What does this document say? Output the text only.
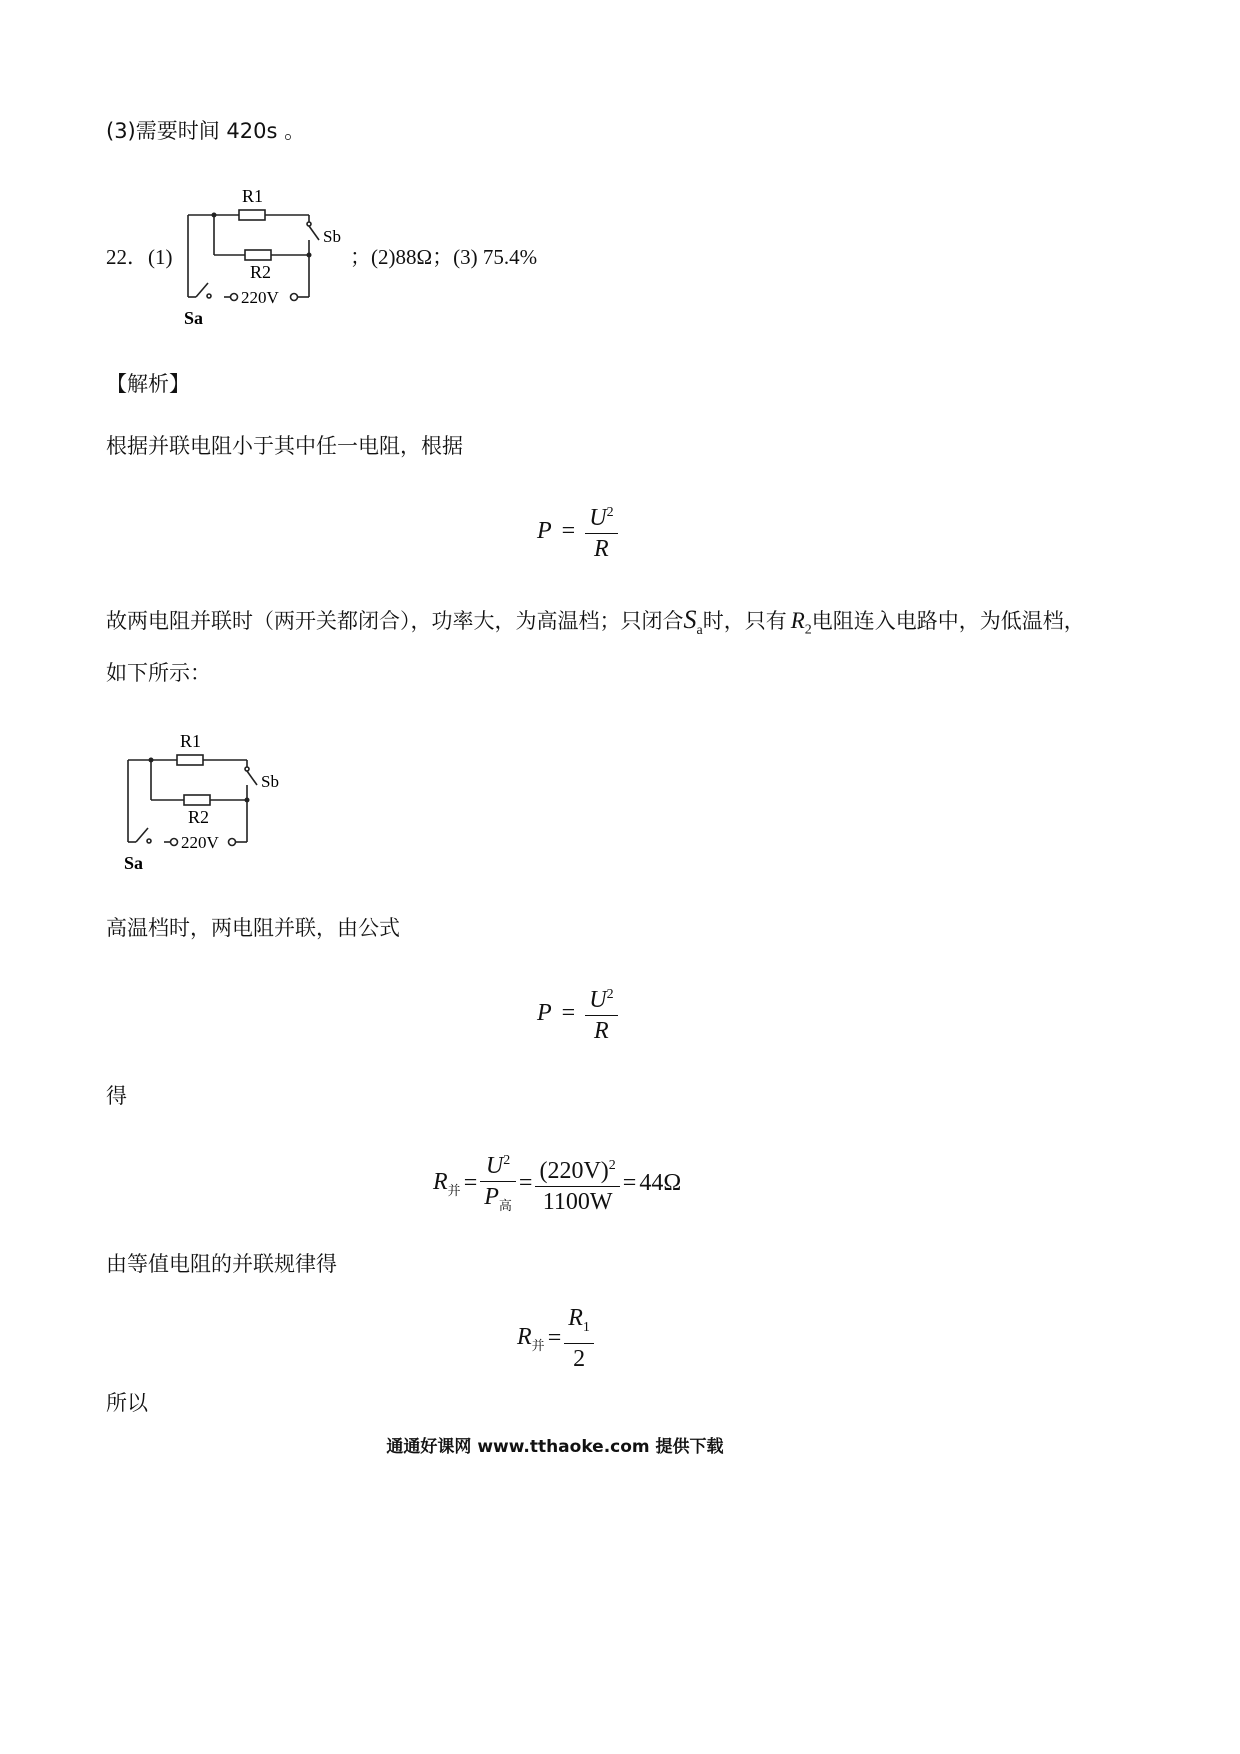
(3)需要时间 420s 。
22．(1)
R1
R2
Sb
Sa
220V
；(2)88Ω；(3) 75.4%
【解析】
根据并联电阻小于其中任一电阻，根据
$P = \frac{U^2}{R}$
故两电阻并联时（两开关都闭合），功率大，为高温档；只闭合 $S_a$ 时，只有 $R_2$ 电阻连入电路中，为低温档，
如下所示：
R1
R2
Sb
Sa
220V
高温档时，两电阻并联，由公式
$P = \frac{U^2}{R}$
得
$R_并 = \frac{U^2}{P_高} = \frac{(220V)^2}{1100W} = 44\Omega$
由等值电阻的并联规律得
$R_并 = \frac{R_1}{2}$
所以
通通好课网 www.tthaoke.com 提供下载
